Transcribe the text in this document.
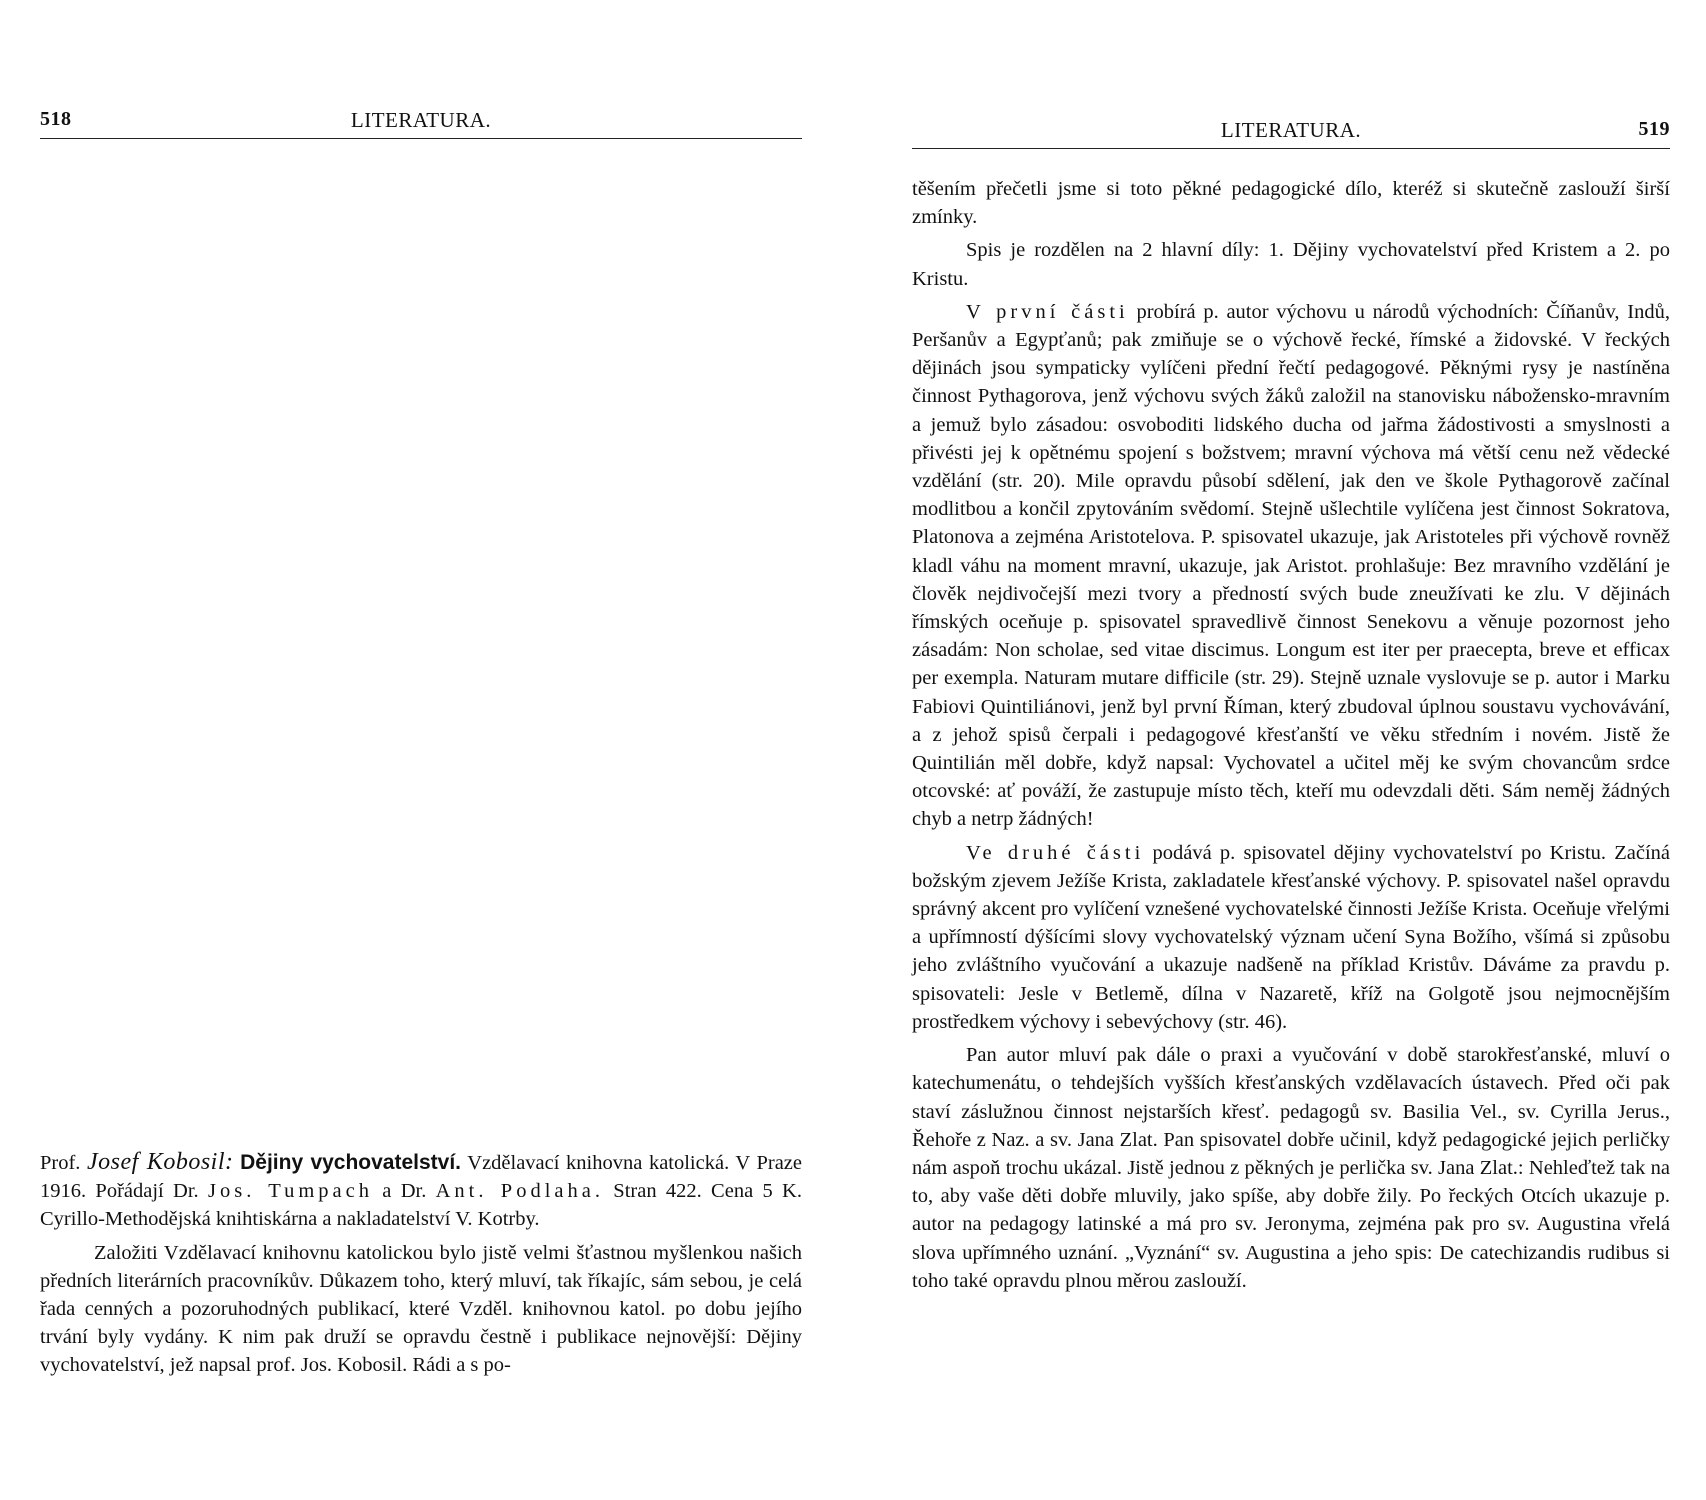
518	LITERATURA.

Prof. Josef Kobosil: Dějiny vychovatelství. Vzdělavací knihovna katolická. V Praze 1916. Pořádají Dr. Jos. Tumpach a Dr. Ant. Podlaha. Stran 422. Cena 5 K. Cyrillo-Methodějská knihtiskárna a nakladatelství V. Kotrby.

Založiti Vzdělavací knihovnu katolickou bylo jistě velmi šťastnou myšlenkou našich předních literárních pracovníkův. Důkazem toho, který mluví, tak říkajíc, sám sebou, je celá řada cenných a pozoruhodných publikací, které Vzděl. knihovnou katol. po dobu jejího trvání byly vydány. K nim pak druží se opravdu čestně i publikace nejnovější: Dějiny vychovatelství, jež napsal prof. Jos. Kobosil. Rádi a s po-

LITERATURA.	519

těšením přečetli jsme si toto pěkné pedagogické dílo, kteréž si skutečně zaslouží širší zmínky.

Spis je rozdělen na 2 hlavní díly: 1. Dějiny vychovatelství před Kristem a 2. po Kristu.

V první části probírá p. autor výchovu u národů východních: Číňanův, Indů, Peršanův a Egypťanů; pak zmiňuje se o výchově řecké, římské a židovské. V řeckých dějinách jsou sympaticky vylíčeni přední řečtí pedagogové. Pěknými rysy je nastíněna činnost Pythagorova, jenž výchovu svých žáků založil na stanovisku nábožensko-mravním a jemuž bylo zásadou: osvoboditi lidského ducha od jařma žádostivosti a smyslnosti a přivésti jej k opětnému spojení s božstvem; mravní výchova má větší cenu než vědecké vzdělání (str. 20). Mile opravdu působí sdělení, jak den ve škole Pythagorově začínal modlitbou a končil zpytováním svědomí. Stejně ušlechtile vylíčena jest činnost Sokratova, Platonova a zejména Aristotelova. P. spisovatel ukazuje, jak Aristoteles při výchově rovněž kladl váhu na moment mravní, ukazuje, jak Aristot. prohlašuje: Bez mravního vzdělání je člověk nejdivočejší mezi tvory a předností svých bude zneužívati ke zlu. V dějinách římských oceňuje p. spisovatel spravedlivě činnost Senekovu a věnuje pozornost jeho zásadám: Non scholae, sed vitae discimus. Longum est iter per praecepta, breve et efficax per exempla. Naturam mutare difficile (str. 29). Stejně uznale vyslovuje se p. autor i Marku Fabiovi Quintiliánovi, jenž byl první Říman, který zbudoval úplnou soustavu vychovávání, a z jehož spisů čerpali i pedagogové křesťanští ve věku středním i novém. Jistě že Quintilián měl dobře, když napsal: Vychovatel a učitel měj ke svým chovancům srdce otcovské: ať pováží, že zastupuje místo těch, kteří mu odevzdali děti. Sám neměj žádných chyb a netrp žádných!

Ve druhé části podává p. spisovatel dějiny vychovatelství po Kristu. Začíná božským zjevem Ježíše Krista, zakladatele křesťanské výchovy. P. spisovatel našel opravdu správný akcent pro vylíčení vznešené vychovatelské činnosti Ježíše Krista. Oceňuje vřelými a upřímností dýšícími slovy vychovatelský význam učení Syna Božího, všímá si způsobu jeho zvláštního vyučování a ukazuje nadšeně na příklad Kristův. Dáváme za pravdu p. spisovateli: Jesle v Betlemě, dílna v Nazaretě, kříž na Golgotě jsou nejmocnějším prostředkem výchovy i sebevýchovy (str. 46).

Pan autor mluví pak dále o praxi a vyučování v době starokřesťanské, mluví o katechumenátu, o tehdejších vyšších křesťanských vzdělavacích ústavech. Před oči pak staví záslužnou činnost nejstarších křesť. pedagogů sv. Basilia Vel., sv. Cyrilla Jerus., Řehoře z Naz. a sv. Jana Zlat. Pan spisovatel dobře učinil, když pedagogické jejich perličky nám aspoň trochu ukázal. Jistě jednou z pěkných je perlička sv. Jana Zlat.: Nehleďtež tak na to, aby vaše děti dobře mluvily, jako spíše, aby dobře žily. Po řeckých Otcích ukazuje p. autor na pedagogy latinské a má pro sv. Jeronyma, zejména pak pro sv. Augustina vřelá slova upřímného uznání. „Vyznání“ sv. Augustina a jeho spis: De catechizandis rudibus si toho také opravdu plnou měrou zaslouží.
